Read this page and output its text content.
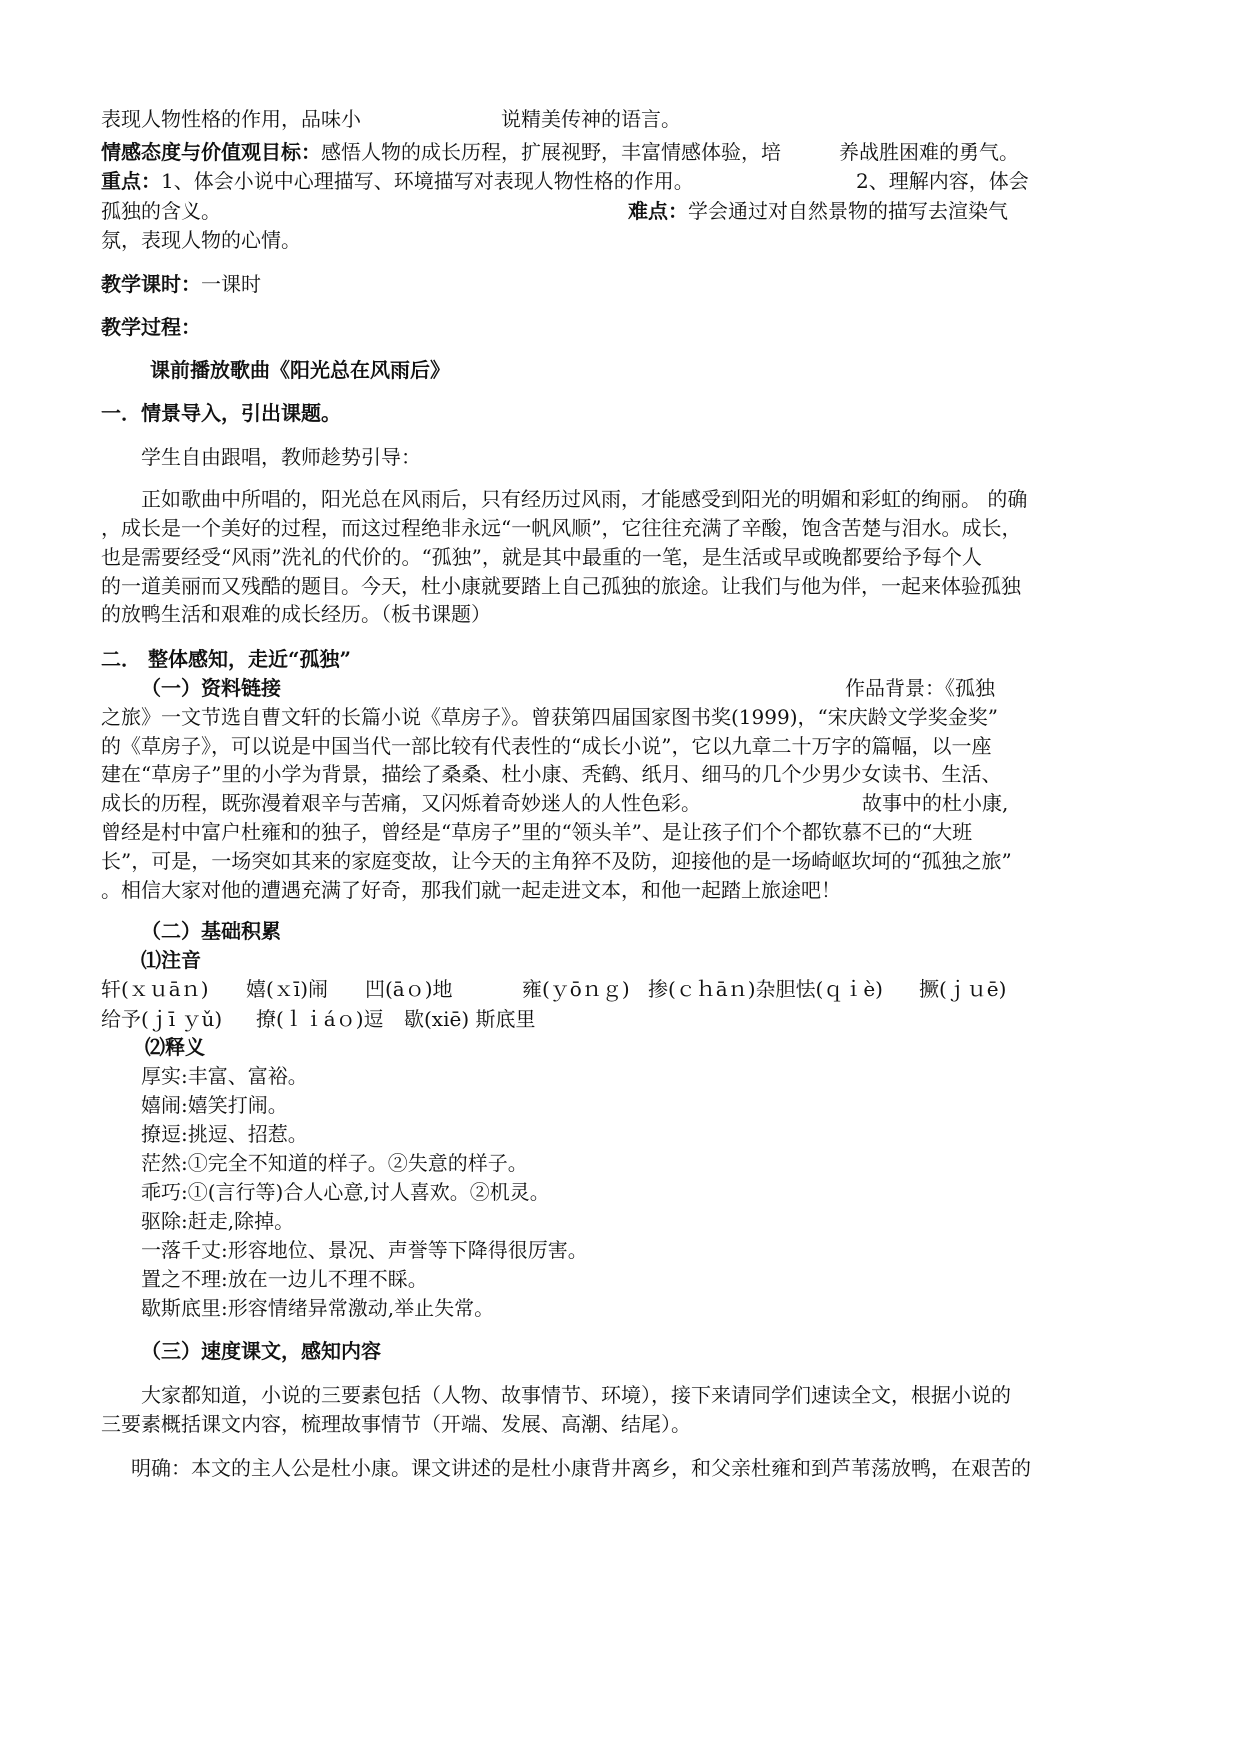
表现人物性格的作用，品味小	说精美传神的语言。
情感态度与价值观目标：感悟人物的成长历程，扩展视野，丰富情感体验，培	养战胜困难的勇气。
重点：1、体会小说中心理描写、环境描写对表现人物性格的作用。	2、理解内容，体会
孤独的含义。	难点：学会通过对自然景物的描写去渲染气
氛，表现人物的心情。
教学课时：一课时
教学过程：
课前播放歌曲《阳光总在风雨后》
一．情景导入，引出课题。
学生自由跟唱，教师趁势引导：
正如歌曲中所唱的，阳光总在风雨后，只有经历过风雨，才能感受到阳光的明媚和彩虹的绚丽。 的确
，成长是一个美好的过程，而这过程绝非永远“一帆风顺”，它往往充满了辛酸，饱含苦楚与泪水。成长，
也是需要经受“风雨”洗礼的代价的。“孤独”，就是其中最重的一笔，是生活或早或晚都要给予每个人
的一道美丽而又残酷的题目。今天，杜小康就要踏上自己孤独的旅途。让我们与他为伴，一起来体验孤独
的放鸭生活和艰难的成长经历。（板书课题）
二． 整体感知，走近“孤独”
（一）资料链接	作品背景：《孤独
之旅》一文节选自曹文轩的长篇小说《草房子》。曾获第四届国家图书奖(1999)，“宋庆龄文学奖金奖”
的《草房子》，可以说是中国当代一部比较有代表性的“成长小说”，它以九章二十万字的篇幅，以一座
建在“草房子”里的小学为背景，描绘了桑桑、杜小康、秃鹤、纸月、细马的几个少男少女读书、生活、
成长的历程，既弥漫着艰辛与苦痛，又闪烁着奇妙迷人的人性色彩。	故事中的杜小康,
曾经是村中富户杜雍和的独子，曾经是“草房子”里的“领头羊”、是让孩子们个个都钦慕不已的“大班
长”，可是，一场突如其来的家庭变故，让今天的主角猝不及防，迎接他的是一场崎岖坎坷的“孤独之旅”
。相信大家对他的遭遇充满了好奇，那我们就一起走进文本，和他一起踏上旅途吧！
（二）基础积累
⑴注音
轩(ｘｕāｎ) 嬉(ｘī)闹 凹(āｏ)地	雍(ｙōｎｇ) 掺(ｃｈāｎ)杂胆怯(ｑｉè) 撅(ｊｕē)
给予(ｊī ｙǔ) 撩(ｌｉáｏ)逗 歇(xiē) 斯底里
⑵释义
厚实:丰富、富裕。
嬉闹:嬉笑打闹。
撩逗:挑逗、招惹。
茫然:①完全不知道的样子。②失意的样子。
乖巧:①(言行等)合人心意,讨人喜欢。②机灵。
驱除:赶走,除掉。
一落千丈:形容地位、景况、声誉等下降得很厉害。
置之不理:放在一边儿不理不睬。
歇斯底里:形容情绪异常激动,举止失常。
（三）速度课文，感知内容
大家都知道，小说的三要素包括（人物、故事情节、环境），接下来请同学们速读全文，根据小说的
三要素概括课文内容，梳理故事情节（开端、发展、高潮、结尾）。
明确：本文的主人公是杜小康。课文讲述的是杜小康背井离乡，和父亲杜雍和到芦苇荡放鸭，在艰苦的
